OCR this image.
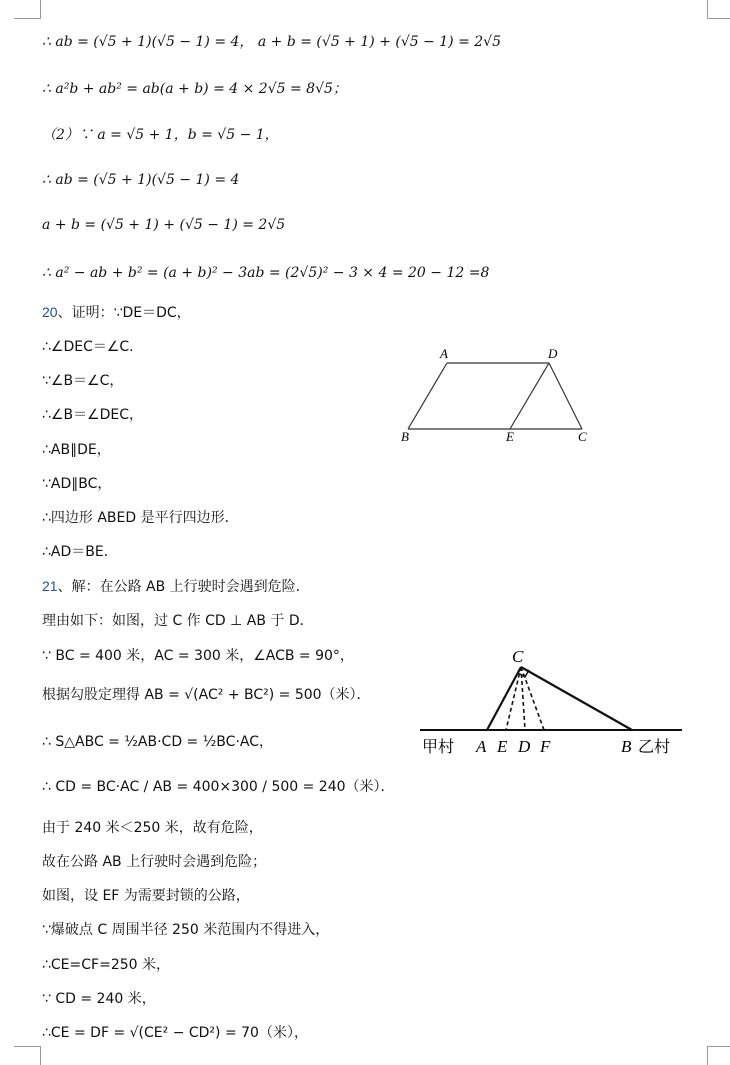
∴ ab = (√5 + 1)(√5 − 1) = 4， a + b = (√5 + 1) + (√5 − 1) = 2√5
∴ a²b + ab² = ab(a + b) = 4 × 2√5 = 8√5；
（2）∵ a = √5 + 1，b = √5 − 1，
∴ ab = (√5 + 1)(√5 − 1) = 4
a + b = (√5 + 1) + (√5 − 1) = 2√5
∴ a² − ab + b² = (a + b)² − 3ab = (2√5)² − 3 × 4 = 20 − 12 =8
20、证明：∵DE＝DC，
∴∠DEC＝∠C．
∵∠B＝∠C，
∴∠B＝∠DEC，
∴AB∥DE，
∵AD∥BC，
∴四边形 ABED 是平行四边形．
∴AD＝BE．
21、解：在公路 AB 上行驶时会遇到危险．
理由如下：如图，过 C 作 CD ⊥ AB 于 D．
∵ BC = 400 米，AC = 300 米，∠ACB = 90°，
根据勾股定理得 AB = √(AC² + BC²) = 500（米）．
∴ S△ABC = ½AB·CD = ½BC·AC，
∴ CD = BC·AC / AB = 400×300 / 500 = 240（米）．
由于 240 米＜250 米，故有危险，
故在公路 AB 上行驶时会遇到危险；
如图，设 EF 为需要封锁的公路，
∵爆破点 C 周围半径 250 米范围内不得进入，
∴CE=CF=250 米，
∵ CD = 240 米，
∴CE = DF = √(CE² − CD²) = 70（米），
A	D
B	E	C
C
甲村 A E D F	B 乙村
